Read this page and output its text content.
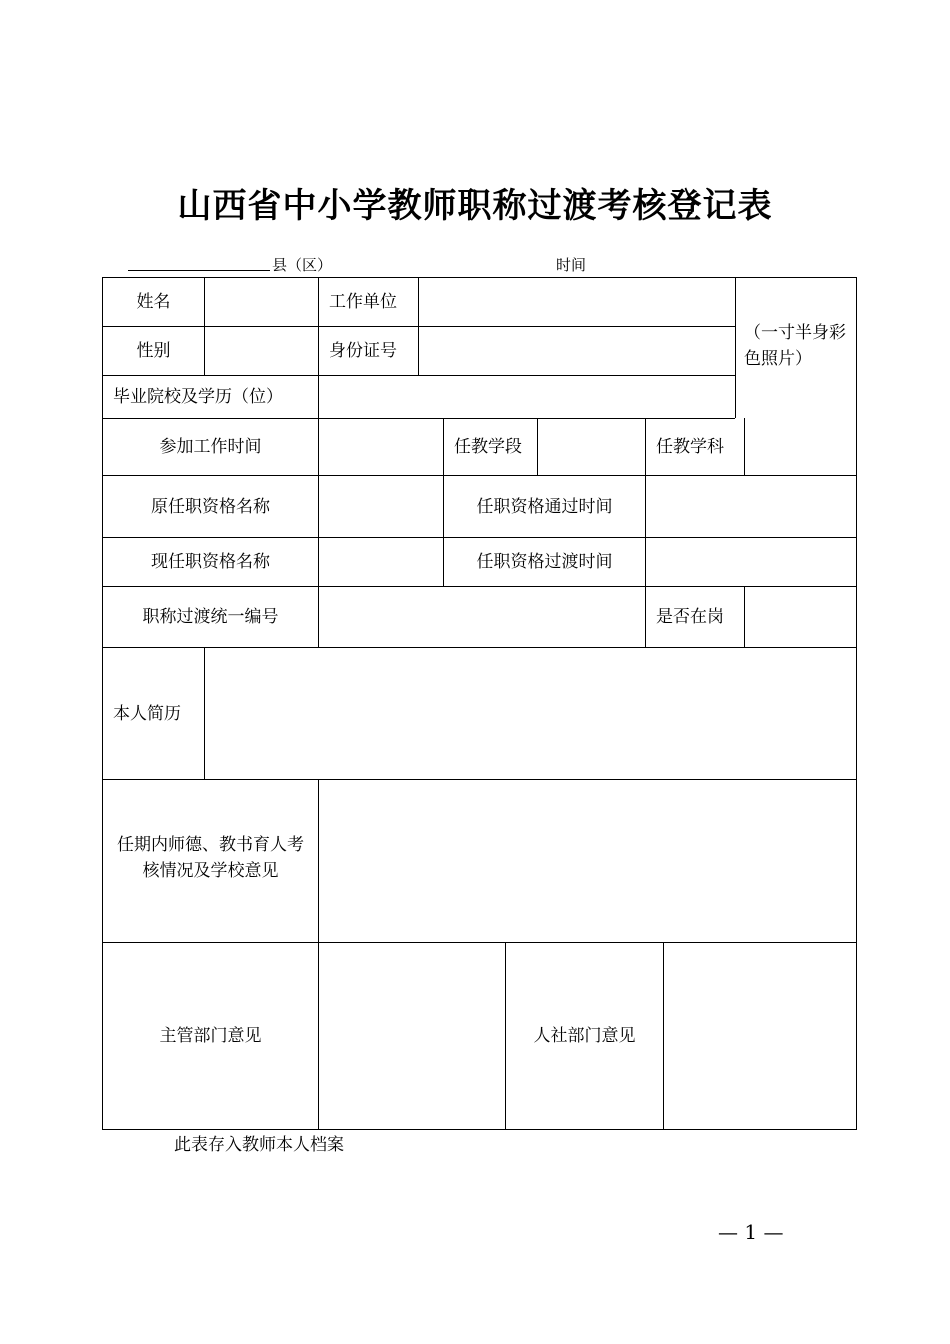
山西省中小学教师职称过渡考核登记表
县（区）	时间
姓名	工作单位
（一寸半身彩色照片）
性别	身份证号
毕业院校及学历（位）
参加工作时间	任教学段	任教学科
原任职资格名称	任职资格通过时间
现任职资格名称	任职资格过渡时间
职称过渡统一编号	是否在岗
本人简历
任期内师德、教书育人考核情况及学校意见
主管部门意见	人社部门意见
此表存入教师本人档案
— 1 —
